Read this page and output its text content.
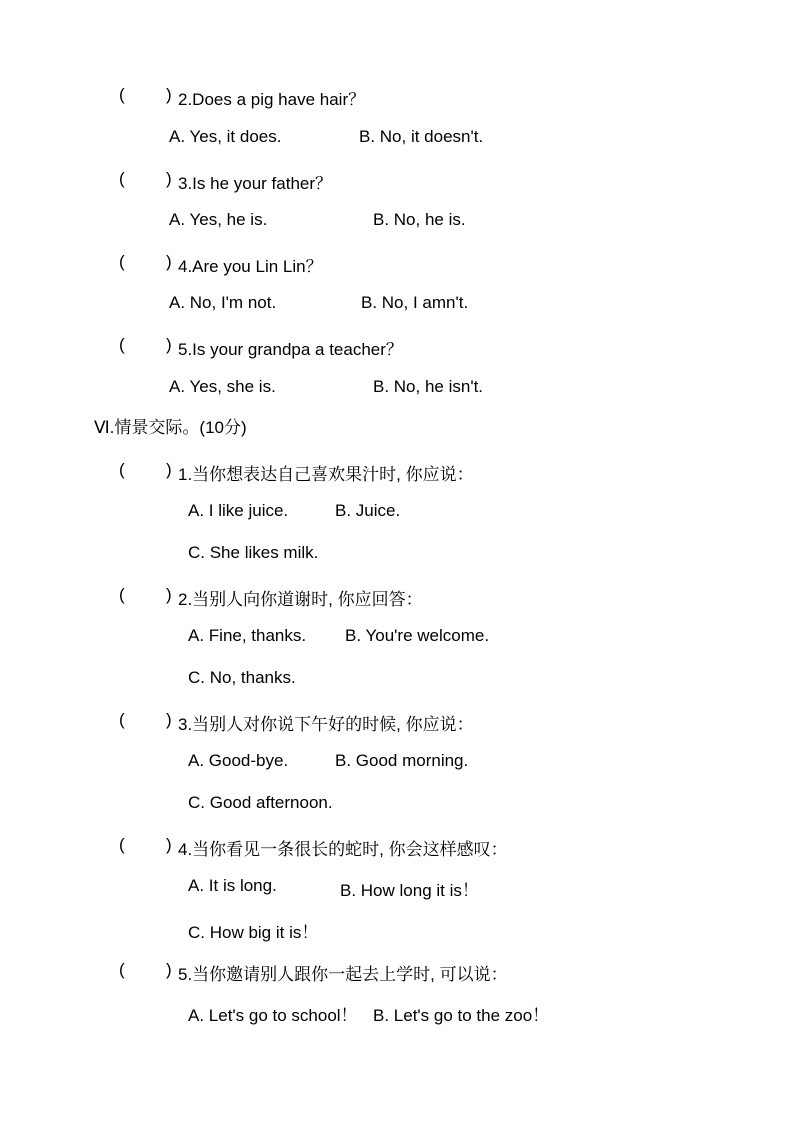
( ) 2.Does a pig have hair？
A. Yes, it does.	B. No, it doesn't.
( ) 3.Is he your father？
A. Yes, he is.	B. No, he is.
( ) 4.Are you Lin Lin？
A. No, I'm not.	B. No, I amn't.
( ) 5.Is your grandpa a teacher？
A. Yes, she is.	B. No, he isn't.
Ⅵ.情景交际。(10分)
( ) 1.当你想表达自己喜欢果汁时, 你应说：
A. I like juice.	B. Juice.
C. She likes milk.
( ) 2.当别人向你道谢时, 你应回答：
A. Fine, thanks. B. You're welcome.
C. No, thanks.
( ) 3.当别人对你说下午好的时候, 你应说：
A. Good-bye.	B. Good morning.
C. Good afternoon.
( ) 4.当你看见一条很长的蛇时, 你会这样感叹：
A. It is long.	B. How long it is！
C. How big it is！
( ) 5.当你邀请别人跟你一起去上学时, 可以说：
A. Let's go to school！ B. Let's go to the zoo！
